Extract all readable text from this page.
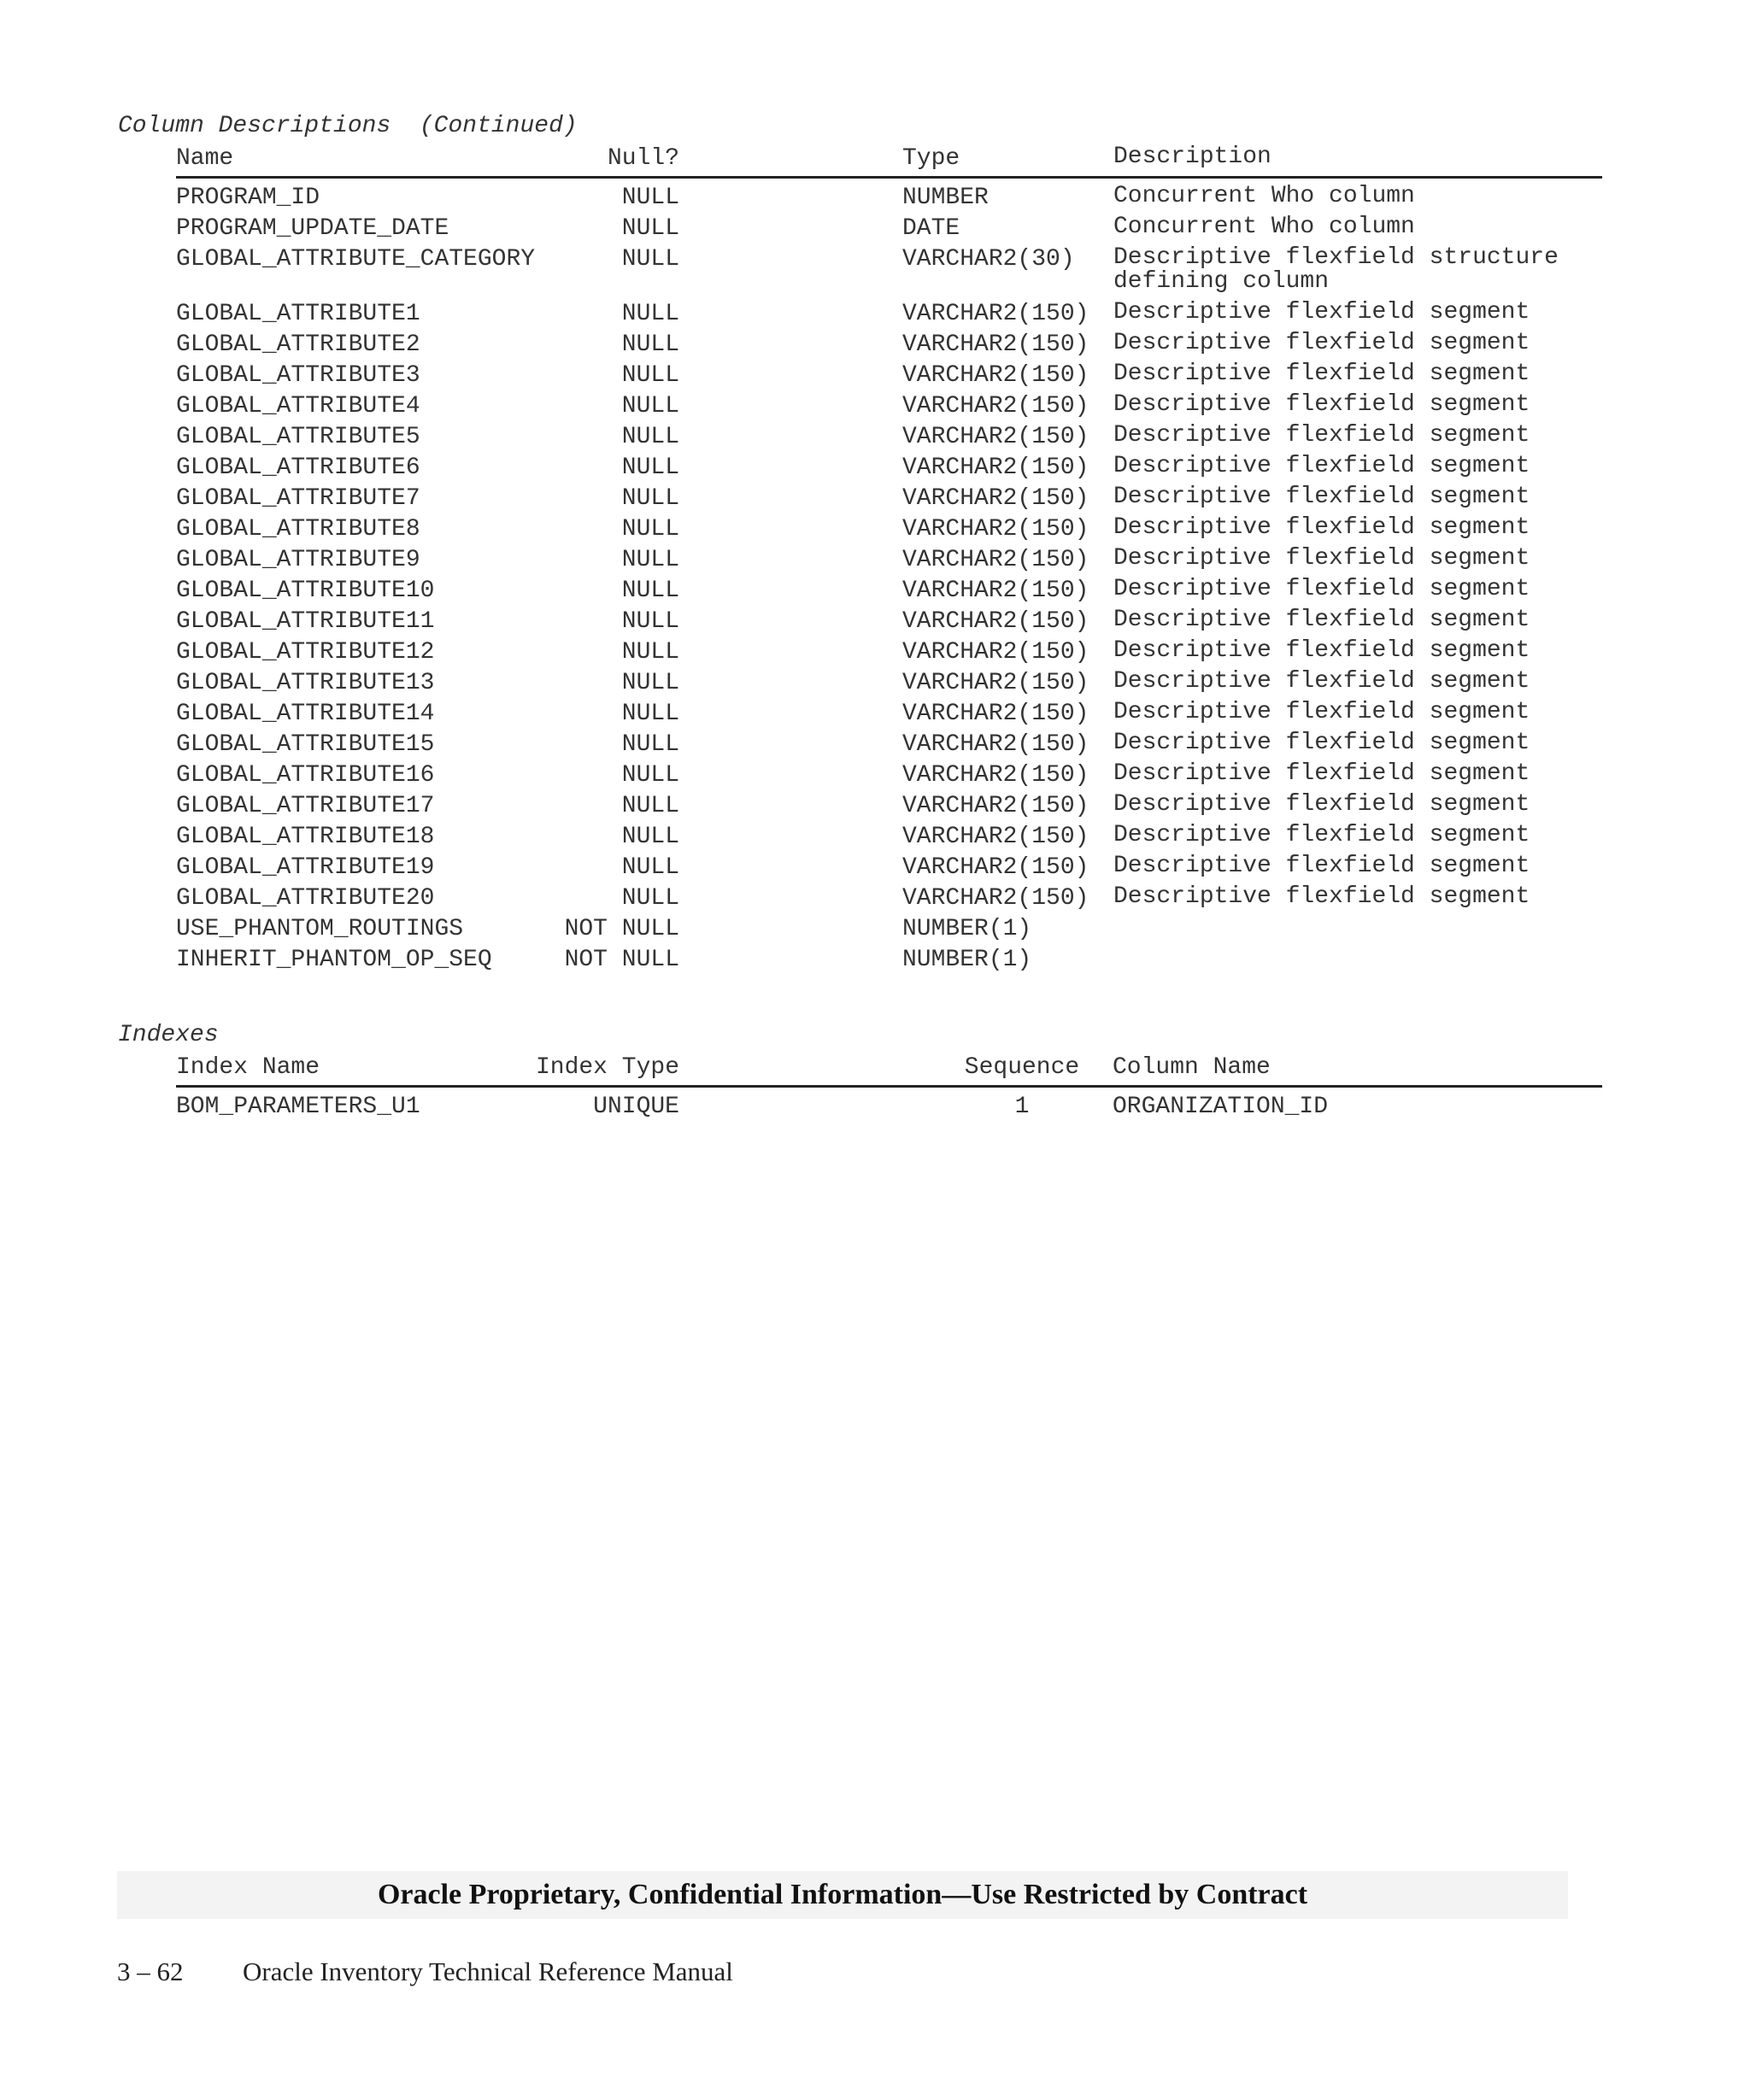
Column Descriptions  (Continued)
Name	Null?	Type	Description
PROGRAM_ID	NULL	NUMBER	Concurrent Who column
PROGRAM_UPDATE_DATE	NULL	DATE	Concurrent Who column
GLOBAL_ATTRIBUTE_CATEGORY	NULL	VARCHAR2(30) Descriptive flexfield structure defining column
GLOBAL_ATTRIBUTE1	NULL	VARCHAR2(150) Descriptive flexfield segment
GLOBAL_ATTRIBUTE2	NULL	VARCHAR2(150) Descriptive flexfield segment
GLOBAL_ATTRIBUTE3	NULL	VARCHAR2(150) Descriptive flexfield segment
GLOBAL_ATTRIBUTE4	NULL	VARCHAR2(150) Descriptive flexfield segment
GLOBAL_ATTRIBUTE5	NULL	VARCHAR2(150) Descriptive flexfield segment
GLOBAL_ATTRIBUTE6	NULL	VARCHAR2(150) Descriptive flexfield segment
GLOBAL_ATTRIBUTE7	NULL	VARCHAR2(150) Descriptive flexfield segment
GLOBAL_ATTRIBUTE8	NULL	VARCHAR2(150) Descriptive flexfield segment
GLOBAL_ATTRIBUTE9	NULL	VARCHAR2(150) Descriptive flexfield segment
GLOBAL_ATTRIBUTE10	NULL	VARCHAR2(150) Descriptive flexfield segment
GLOBAL_ATTRIBUTE11	NULL	VARCHAR2(150) Descriptive flexfield segment
GLOBAL_ATTRIBUTE12	NULL	VARCHAR2(150) Descriptive flexfield segment
GLOBAL_ATTRIBUTE13	NULL	VARCHAR2(150) Descriptive flexfield segment
GLOBAL_ATTRIBUTE14	NULL	VARCHAR2(150) Descriptive flexfield segment
GLOBAL_ATTRIBUTE15	NULL	VARCHAR2(150) Descriptive flexfield segment
GLOBAL_ATTRIBUTE16	NULL	VARCHAR2(150) Descriptive flexfield segment
GLOBAL_ATTRIBUTE17	NULL	VARCHAR2(150) Descriptive flexfield segment
GLOBAL_ATTRIBUTE18	NULL	VARCHAR2(150) Descriptive flexfield segment
GLOBAL_ATTRIBUTE19	NULL	VARCHAR2(150) Descriptive flexfield segment
GLOBAL_ATTRIBUTE20	NULL	VARCHAR2(150) Descriptive flexfield segment
USE_PHANTOM_ROUTINGS	NOT NULL	NUMBER(1)
INHERIT_PHANTOM_OP_SEQ	NOT NULL	NUMBER(1)
Indexes
Index Name	Index Type	Sequence	Column Name
BOM_PARAMETERS_U1	UNIQUE	1	ORGANIZATION_ID
Oracle Proprietary, Confidential Information––Use Restricted by Contract
3 – 62 Oracle Inventory Technical Reference Manual
